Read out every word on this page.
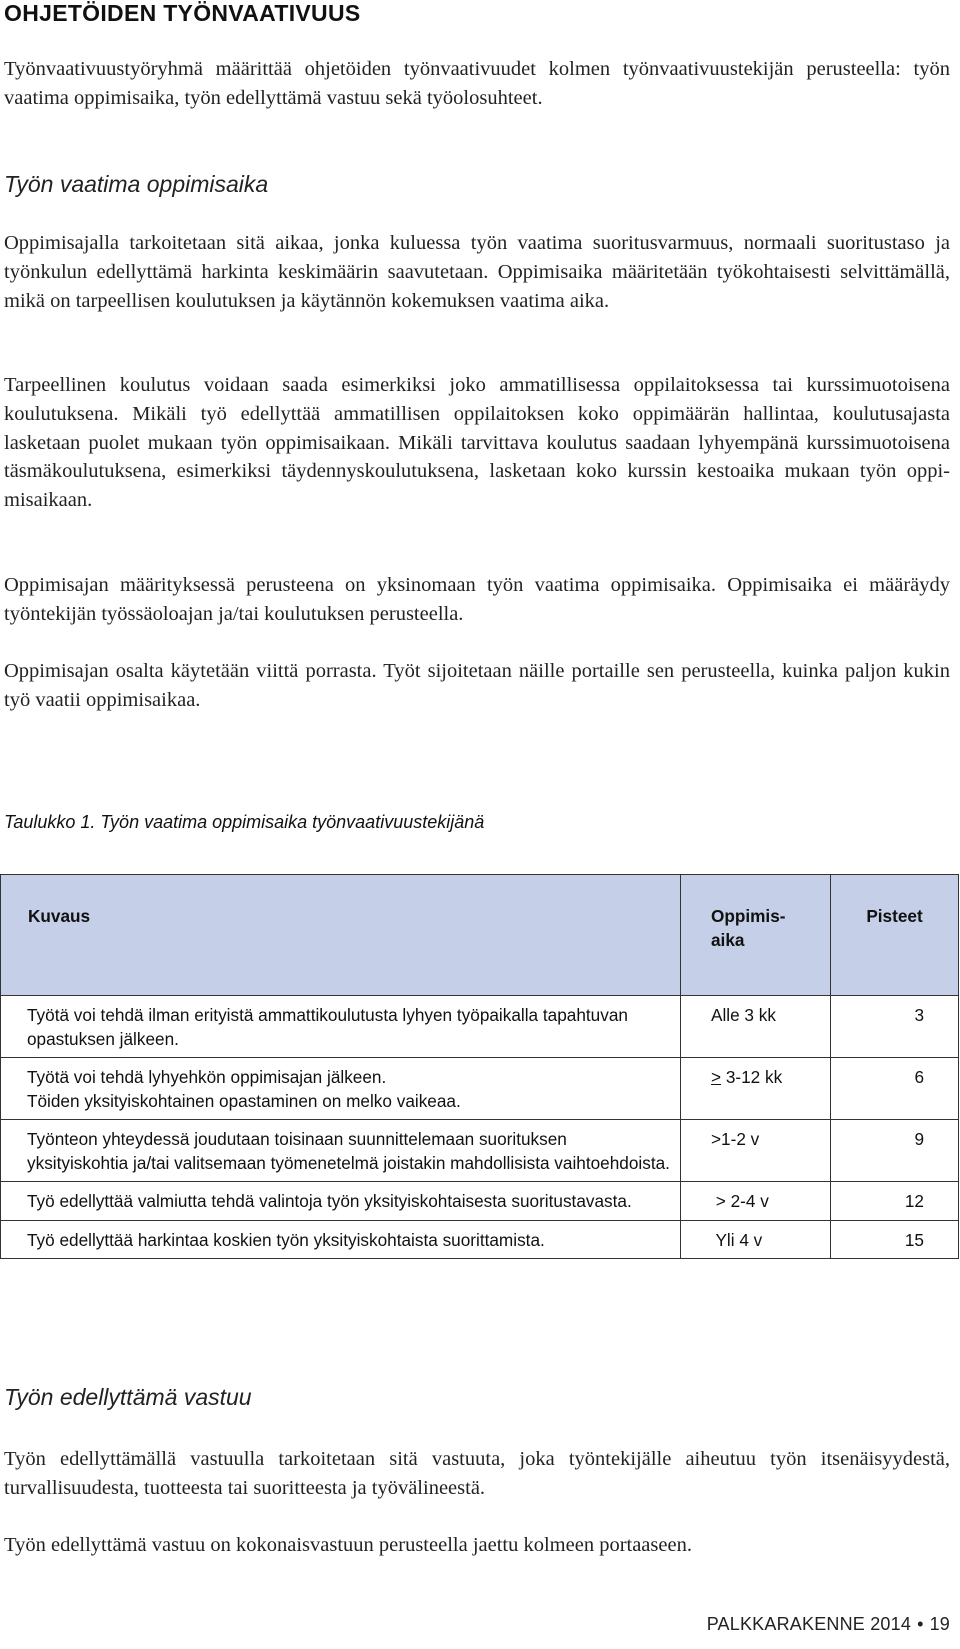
OHJETÖIDEN TYÖNVAATIVUUS

Työnvaativuustyöryhmä määrittää ohjetöiden työnvaativuudet kolmen työnvaativuustekijän perusteella: työn vaatima oppimisaika, työn edellyttämä vastuu sekä työolosuhteet.

Työn vaatima oppimisaika

Oppimisajalla tarkoitetaan sitä aikaa, jonka kuluessa työn vaatima suoritusvarmuus, normaali suoritustaso ja työnkulun edellyttämä harkinta keskimäärin saavutetaan. Oppimisaika määritetään työkohtaisesti selvittämällä, mikä on tarpeellisen koulutuksen ja käytännön kokemuksen vaatima aika.

Tarpeellinen koulutus voidaan saada esimerkiksi joko ammatillisessa oppilaitoksessa tai kurssimuotoisena koulutuksena. Mikäli työ edellyttää ammatillisen oppilaitoksen koko oppimäärän hallintaa, koulutusajasta lasketaan puolet mukaan työn oppimisaikaan. Mikäli tarvittava koulutus saadaan lyhyempänä kurssimuotoisena täsmäkoulutuksena, esimerkiksi täydennyskoulutuksena, lasketaan koko kurssin kestoaika mukaan työn oppimisaikaan.

Oppimisajan määrityksessä perusteena on yksinomaan työn vaatima oppimisaika. Oppimisaika ei määräydy työntekijän työssäoloajan ja/tai koulutuksen perusteella.

Oppimisajan osalta käytetään viittä porrasta. Työt sijoitetaan näille portaille sen perusteella, kuinka paljon kukin työ vaatii oppimisaikaa.

Taulukko 1. Työn vaatima oppimisaika työnvaativuustekijänä

Kuvaus	Oppimis-aika	Pisteet
Työtä voi tehdä ilman erityistä ammattikoulutusta lyhyen työpaikalla tapahtuvan opastuksen jälkeen.	Alle 3 kk	3
Työtä voi tehdä lyhyehkön oppimisajan jälkeen.
Töiden yksityiskohtainen opastaminen on melko vaikeaa.	≥ 3-12 kk	6
Työnteon yhteydessä joudutaan toisinaan suunnittelemaan suorituksen yksityiskohtia ja/tai valitsemaan työmenetelmä joistakin mahdollisista vaihtoehdoista.	>1-2 v	9
Työ edellyttää valmiutta tehdä valintoja työn yksityiskohtaisesta suoritustavasta.	> 2-4 v	12
Työ edellyttää harkintaa koskien työn yksityiskohtaista suorittamista.	Yli 4 v	15
Työn edellyttämä vastuu

Työn edellyttämällä vastuulla tarkoitetaan sitä vastuuta, joka työntekijälle aiheutuu työn itsenäisyydestä, turvallisuudesta, tuotteesta tai suoritteesta ja työvälineestä.

Työn edellyttämä vastuu on kokonaisvastuun perusteella jaettu kolmeen portaaseen.

PALKKARAKENNE 2014 • 19
